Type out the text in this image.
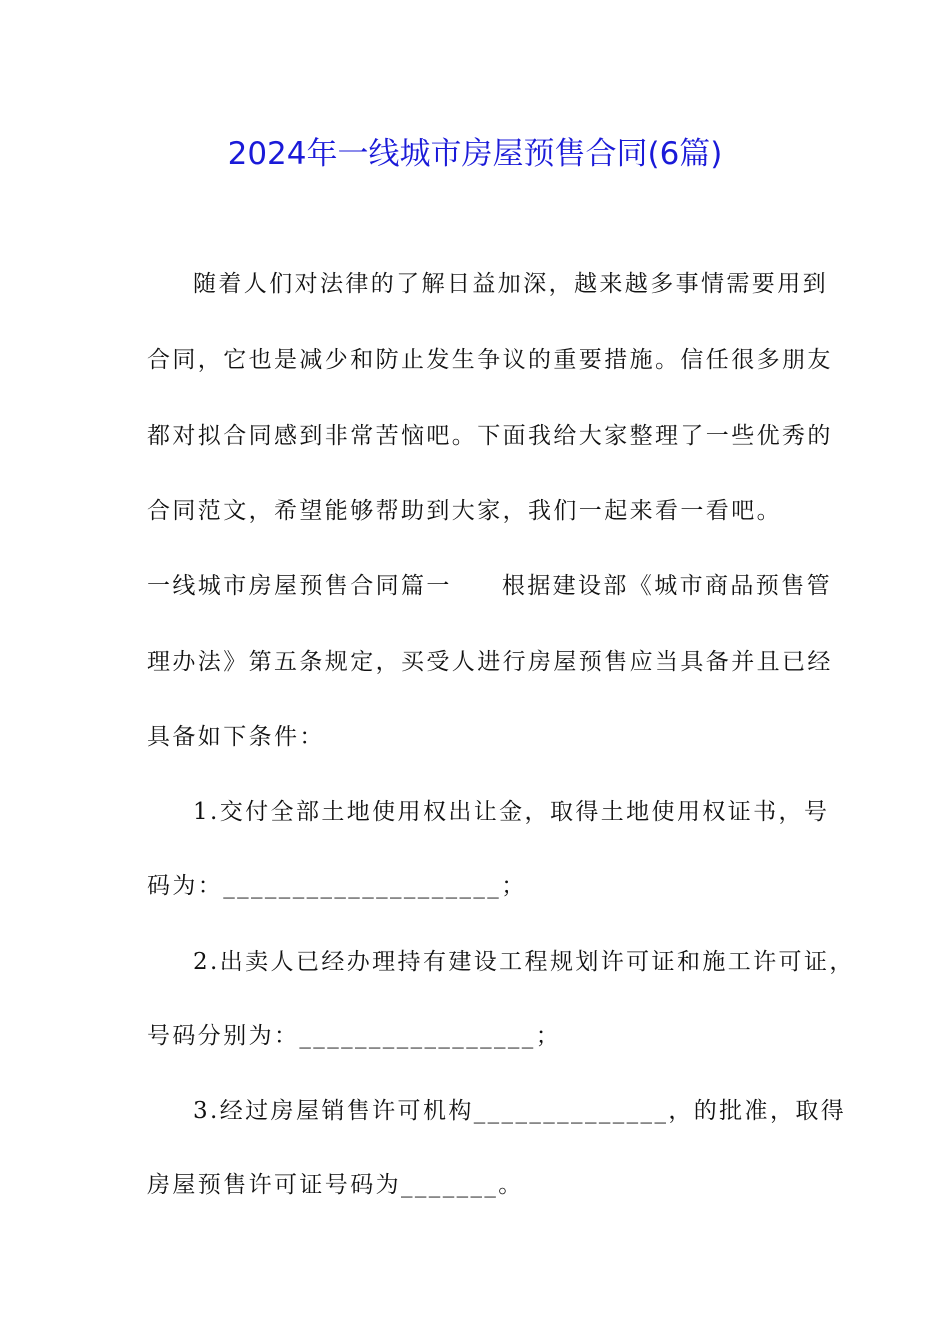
2024年一线城市房屋预售合同(6篇)
随着人们对法律的了解日益加深，越来越多事情需要用到
合同，它也是减少和防止发生争议的重要措施。信任很多朋友
都对拟合同感到非常苦恼吧。下面我给大家整理了一些优秀的
合同范文，希望能够帮助到大家，我们一起来看一看吧。
一线城市房屋预售合同篇一 根据建设部《城市商品预售管
理办法》第五条规定，买受人进行房屋预售应当具备并且已经
具备如下条件：
1.交付全部土地使用权出让金，取得土地使用权证书，号
码为：____________________；
2.出卖人已经办理持有建设工程规划许可证和施工许可证，
号码分别为：_________________；
3.经过房屋销售许可机构______________，的批准，取得
房屋预售许可证号码为_______。
